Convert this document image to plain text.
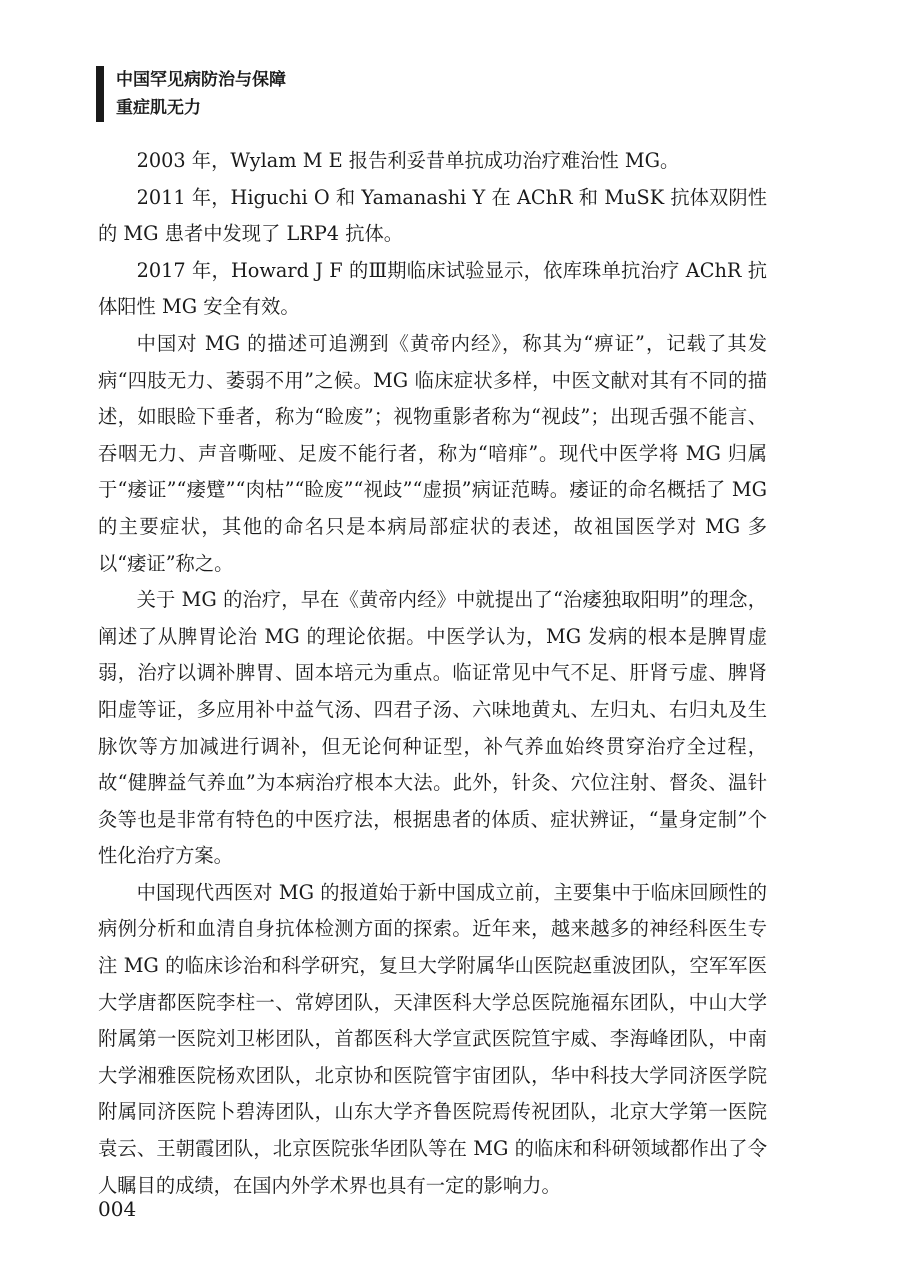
中国罕见病防治与保障
重症肌无力

2003 年，Wylam M E 报告利妥昔单抗成功治疗难治性 MG。

2011 年，Higuchi O 和 Yamanashi Y 在 AChR 和 MuSK 抗体双阴性的 MG 患者中发现了 LRP4 抗体。

2017 年，Howard J F 的Ⅲ期临床试验显示，依库珠单抗治疗 AChR 抗体阳性 MG 安全有效。

中国对 MG 的描述可追溯到《黄帝内经》，称其为“痹证”，记载了其发病“四肢无力、萎弱不用”之候。MG 临床症状多样，中医文献对其有不同的描述，如眼睑下垂者，称为“睑废”；视物重影者称为“视歧”；出现舌强不能言、吞咽无力、声音嘶哑、足废不能行者，称为“喑痱”。现代中医学将 MG 归属于“痿证”“痿躄”“肉枯”“睑废”“视歧”“虚损”病证范畴。痿证的命名概括了 MG 的主要症状，其他的命名只是本病局部症状的表述，故祖国医学对 MG 多以“痿证”称之。

关于 MG 的治疗，早在《黄帝内经》中就提出了“治痿独取阳明”的理念，阐述了从脾胃论治 MG 的理论依据。中医学认为，MG 发病的根本是脾胃虚弱，治疗以调补脾胃、固本培元为重点。临证常见中气不足、肝肾亏虚、脾肾阳虚等证，多应用补中益气汤、四君子汤、六味地黄丸、左归丸、右归丸及生脉饮等方加减进行调补，但无论何种证型，补气养血始终贯穿治疗全过程，故“健脾益气养血”为本病治疗根本大法。此外，针灸、穴位注射、督灸、温针灸等也是非常有特色的中医疗法，根据患者的体质、症状辨证，“量身定制”个性化治疗方案。

中国现代西医对 MG 的报道始于新中国成立前，主要集中于临床回顾性的病例分析和血清自身抗体检测方面的探索。近年来，越来越多的神经科医生专注 MG 的临床诊治和科学研究，复旦大学附属华山医院赵重波团队，空军军医大学唐都医院李柱一、常婷团队，天津医科大学总医院施福东团队，中山大学附属第一医院刘卫彬团队，首都医科大学宣武医院笪宇威、李海峰团队，中南大学湘雅医院杨欢团队，北京协和医院管宇宙团队，华中科技大学同济医学院附属同济医院卜碧涛团队，山东大学齐鲁医院焉传祝团队，北京大学第一医院袁云、王朝霞团队，北京医院张华团队等在 MG 的临床和科研领域都作出了令人瞩目的成绩，在国内外学术界也具有一定的影响力。

004
